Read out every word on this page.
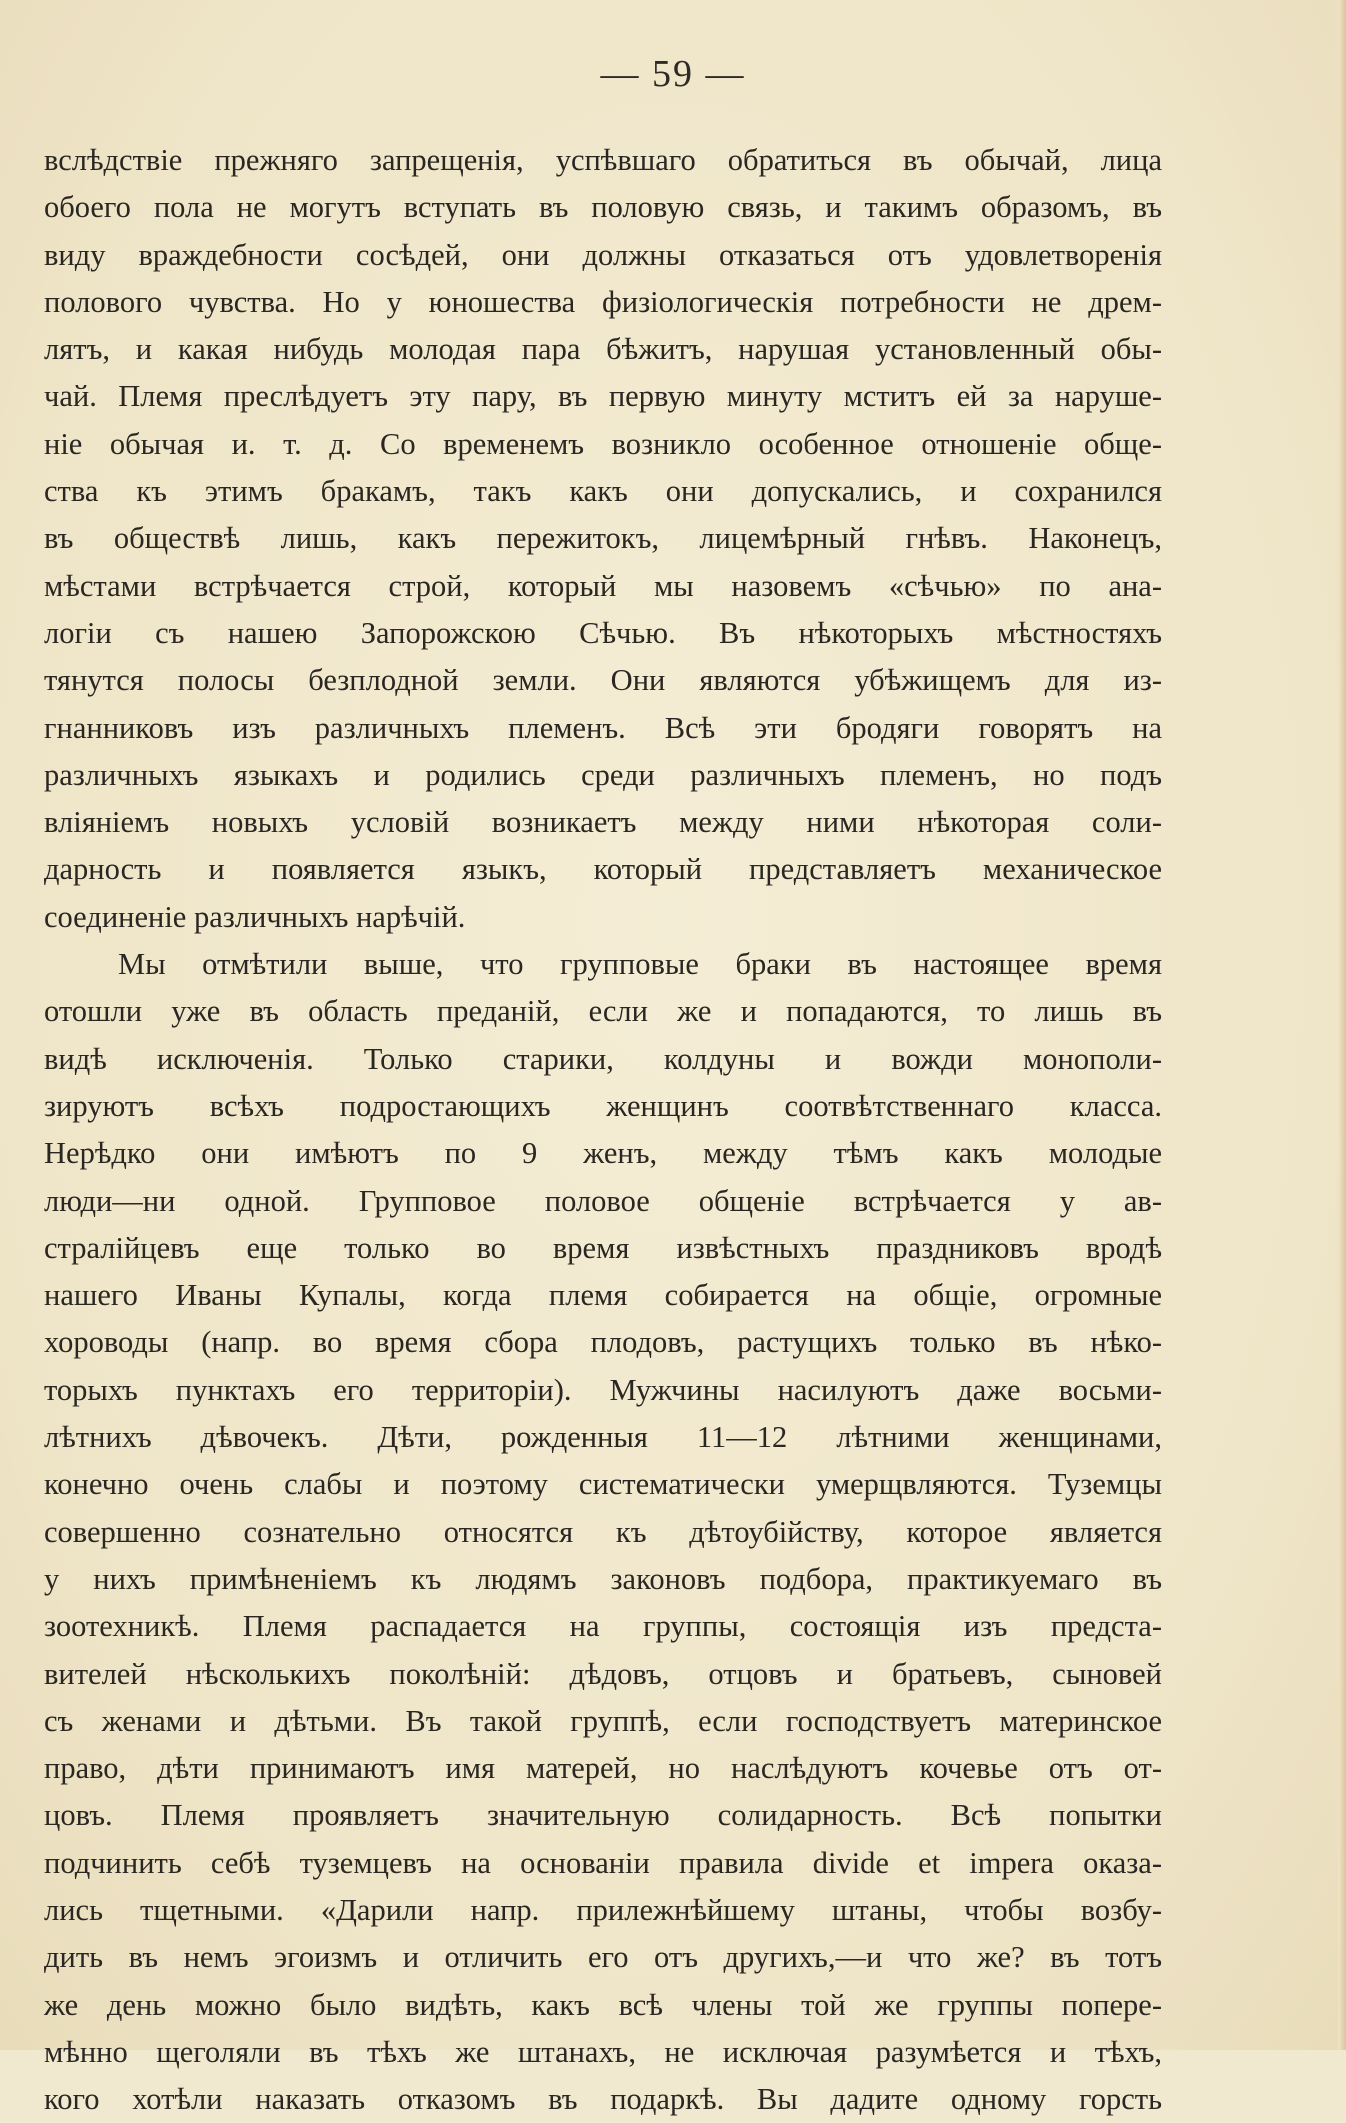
— 59 —
вслѣдствіе прежняго запрещенія, успѣвшаго обратиться въ обычай, лица
обоего пола не могутъ вступать въ половую связь, и такимъ образомъ, въ
виду враждебности сосѣдей, они должны отказаться отъ удовлетворенія
полового чувства. Но у юношества физіологическія потребности не дрем-
лятъ, и какая нибудь молодая пара бѣжитъ, нарушая установленный обы-
чай. Племя преслѣдуетъ эту пару, въ первую минуту мститъ ей за наруше-
ніе обычая и. т. д. Со временемъ возникло особенное отношеніе обще-
ства къ этимъ бракамъ, такъ какъ они допускались, и сохранился
въ обществѣ лишь, какъ пережитокъ, лицемѣрный гнѣвъ. Наконецъ,
мѣстами встрѣчается строй, который мы назовемъ «сѣчью» по ана-
логіи съ нашею Запорожскою Сѣчью. Въ нѣкоторыхъ мѣстностяхъ
тянутся полосы безплодной земли. Они являются убѣжищемъ для из-
гнанниковъ изъ различныхъ племенъ. Всѣ эти бродяги говорятъ на
различныхъ языкахъ и родились среди различныхъ племенъ, но подъ
вліяніемъ новыхъ условій возникаетъ между ними нѣкоторая соли-
дарность и появляется языкъ, который представляетъ механическое
соединеніе различныхъ нарѣчій.
Мы отмѣтили выше, что групповые браки въ настоящее время
отошли уже въ область преданій, если же и попадаются, то лишь въ
видѣ исключенія. Только старики, колдуны и вожди монополи-
зируютъ всѣхъ подростающихъ женщинъ соотвѣтственнаго класса.
Нерѣдко они имѣютъ по 9 женъ, между тѣмъ какъ молодые
люди—ни одной. Групповое половое общеніе встрѣчается у ав-
стралійцевъ еще только во время извѣстныхъ праздниковъ вродѣ
нашего Иваны Купалы, когда племя собирается на общіе, огромные
хороводы (напр. во время сбора плодовъ, растущихъ только въ нѣко-
торыхъ пунктахъ его территоріи). Мужчины насилуютъ даже восьми-
лѣтнихъ дѣвочекъ. Дѣти, рожденныя 11—12 лѣтними женщинами,
конечно очень слабы и поэтому систематически умерщвляются. Туземцы
совершенно сознательно относятся къ дѣтоубійству, которое является
у нихъ примѣненіемъ къ людямъ законовъ подбора, практикуемаго въ
зоотехникѣ. Племя распадается на группы, состоящія изъ предста-
вителей нѣсколькихъ поколѣній: дѣдовъ, отцовъ и братьевъ, сыновей
съ женами и дѣтьми. Въ такой группѣ, если господствуетъ материнское
право, дѣти принимаютъ имя матерей, но наслѣдуютъ кочевье отъ от-
цовъ. Племя проявляетъ значительную солидарность. Всѣ попытки
подчинить себѣ туземцевъ на основаніи правила divide et impera оказа-
лись тщетными. «Дарили напр. прилежнѣйшему штаны, чтобы возбу-
дить въ немъ эгоизмъ и отличить его отъ другихъ,—и что же? въ тотъ
же день можно было видѣть, какъ всѣ члены той же группы попере-
мѣнно щеголяли въ тѣхъ же штанахъ, не исключая разумѣется и тѣхъ,
кого хотѣли наказать отказомъ въ подаркѣ. Вы дадите одному горсть
